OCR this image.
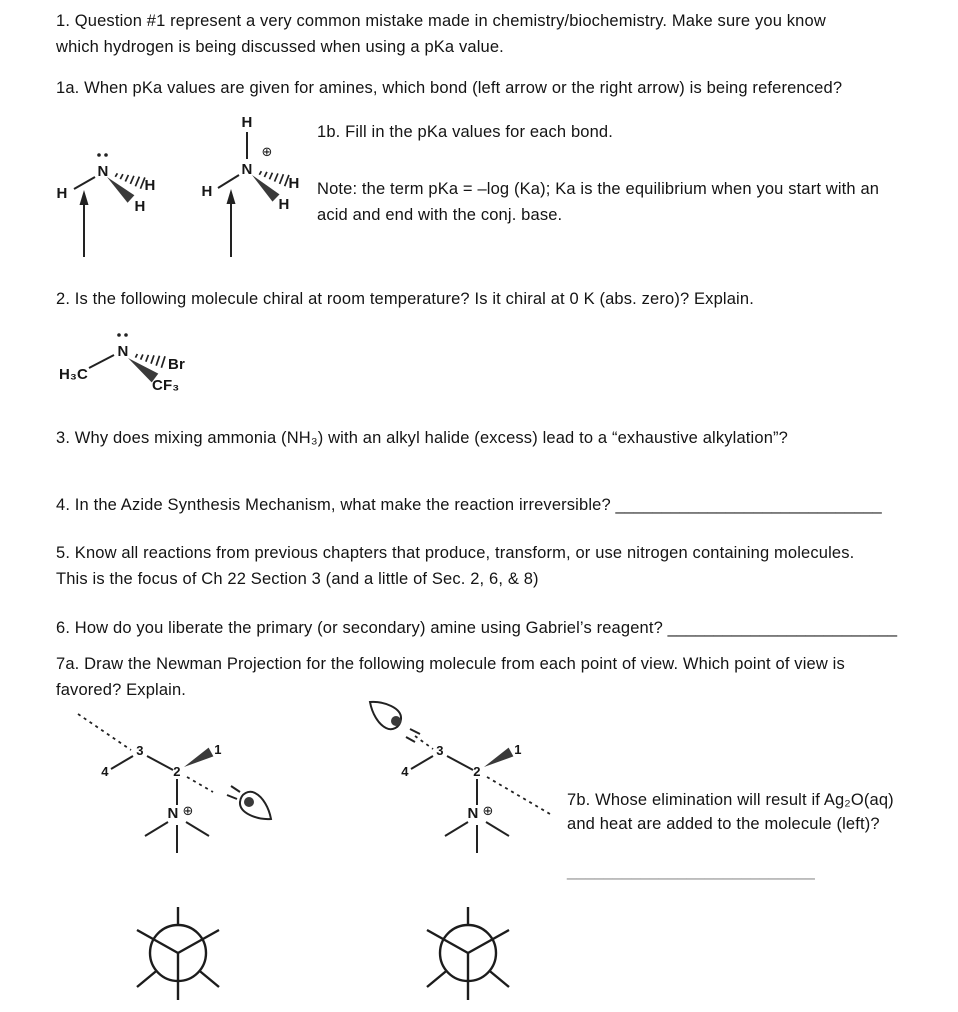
1. Question #1 represent a very common mistake made in chemistry/biochemistry. Make sure you know
which hydrogen is being discussed when using a pKa value.
1a. When pKa values are given for amines, which bond (left arrow or the right arrow) is being referenced?
N
H	H
H
H
N
⊕
H	H
H
1b. Fill in the pKa values for each bond.
Note: the term pKa = –log (Ka); Ka is the equilibrium when you start with an
acid and end with the conj. base.
2. Is the following molecule chiral at room temperature? Is it chiral at 0 K (abs. zero)? Explain.
N
H₃C
Br
CF₃
3. Why does mixing ammonia (NH₃) with an alkyl halide (excess) lead to a “exhaustive alkylation”?
4. In the Azide Synthesis Mechanism, what make the reaction irreversible? _____________________________
5. Know all reactions from previous chapters that produce, transform, or use nitrogen containing molecules.
This is the focus of Ch 22 Section 3 (and a little of Sec. 2, 6, & 8)
6. How do you liberate the primary (or secondary) amine using Gabriel’s reagent? _________________________
7a. Draw the Newman Projection for the following molecule from each point of view. Which point of view is
favored? Explain.
3
4	2
1
N ⊕
3
4	2
1
N ⊕
7b. Whose elimination will result if Ag₂O(aq)
and heat are added to the molecule (left)?
___________________________
